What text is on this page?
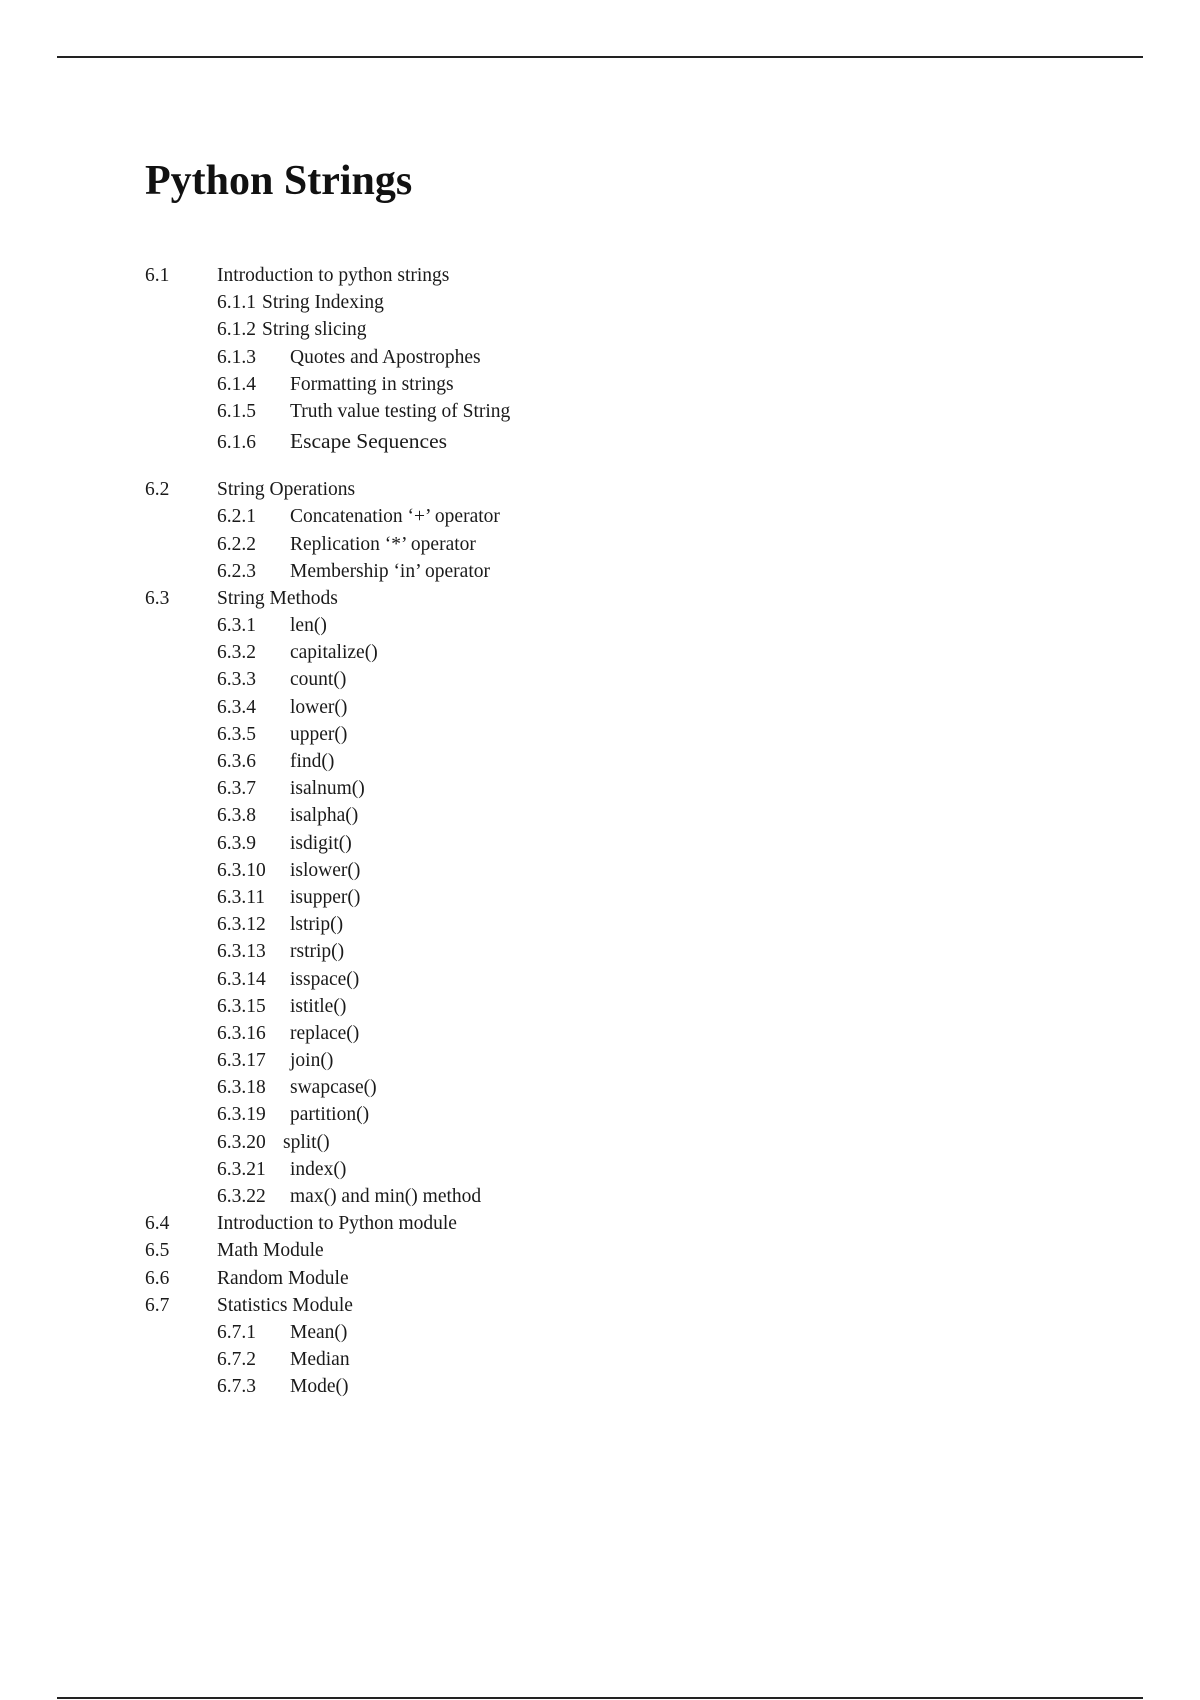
Python Strings
6.1	Introduction to python strings
6.1.1 String Indexing
6.1.2 String slicing
6.1.3	Quotes and Apostrophes
6.1.4	Formatting in strings
6.1.5	Truth value testing of String
6.1.6	Escape Sequences
6.2	String Operations
6.2.1	Concatenation ‘+’ operator
6.2.2	Replication ‘*’ operator
6.2.3	Membership ‘in’ operator
6.3	String Methods
6.3.1	len()
6.3.2	capitalize()
6.3.3	count()
6.3.4	lower()
6.3.5	upper()
6.3.6	find()
6.3.7	isalnum()
6.3.8	isalpha()
6.3.9	isdigit()
6.3.10	islower()
6.3.11	isupper()
6.3.12	lstrip()
6.3.13	rstrip()
6.3.14	isspace()
6.3.15	istitle()
6.3.16	replace()
6.3.17	join()
6.3.18	swapcase()
6.3.19	partition()
6.3.20 split()
6.3.21	index()
6.3.22	max() and min() method
6.4	Introduction to Python module
6.5	Math Module
6.6	Random Module
6.7	Statistics Module
6.7.1	Mean()
6.7.2	Median
6.7.3	Mode()
